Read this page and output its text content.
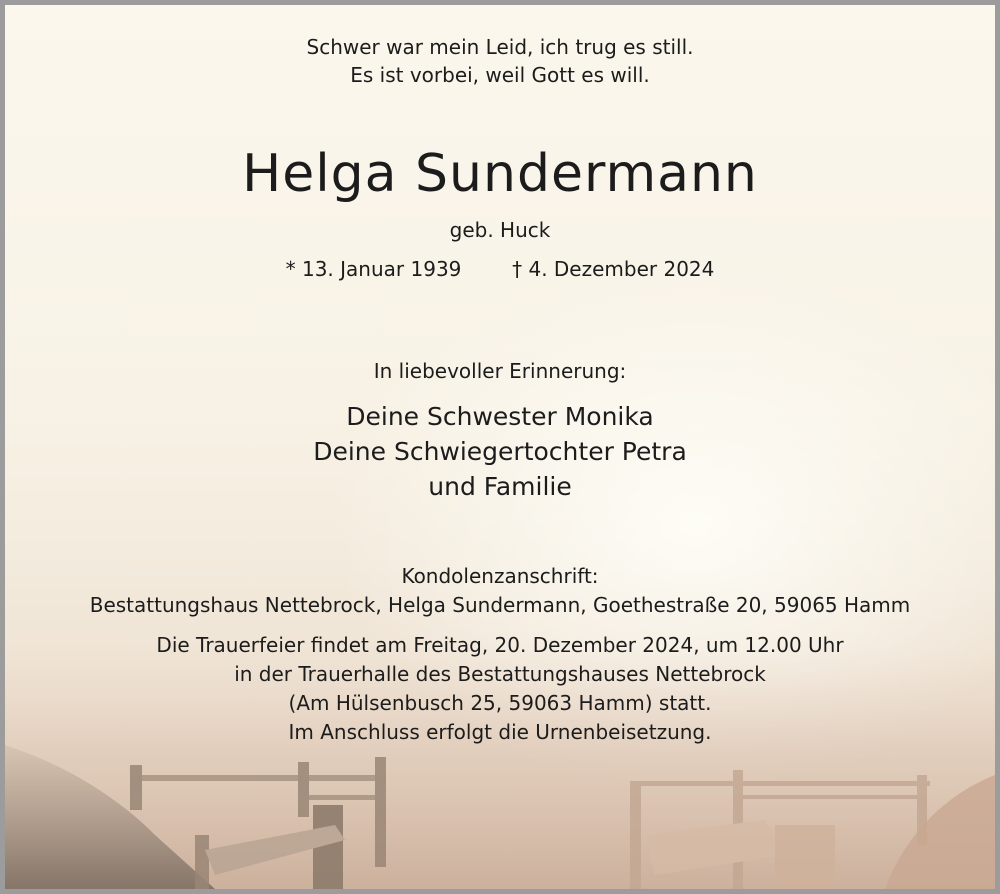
Schwer war mein Leid, ich trug es still.
Es ist vorbei, weil Gott es will.
Helga Sundermann
geb. Huck
* 13. Januar 1939	† 4. Dezember 2024
In liebevoller Erinnerung:
Deine Schwester Monika
Deine Schwiegertochter Petra
und Familie
Kondolenzanschrift:
Bestattungshaus Nettebrock, Helga Sundermann, Goethestraße 20, 59065 Hamm
Die Trauerfeier findet am Freitag, 20. Dezember 2024, um 12.00 Uhr
in der Trauerhalle des Bestattungshauses Nettebrock
(Am Hülsenbusch 25, 59063 Hamm) statt.
Im Anschluss erfolgt die Urnenbeisetzung.
